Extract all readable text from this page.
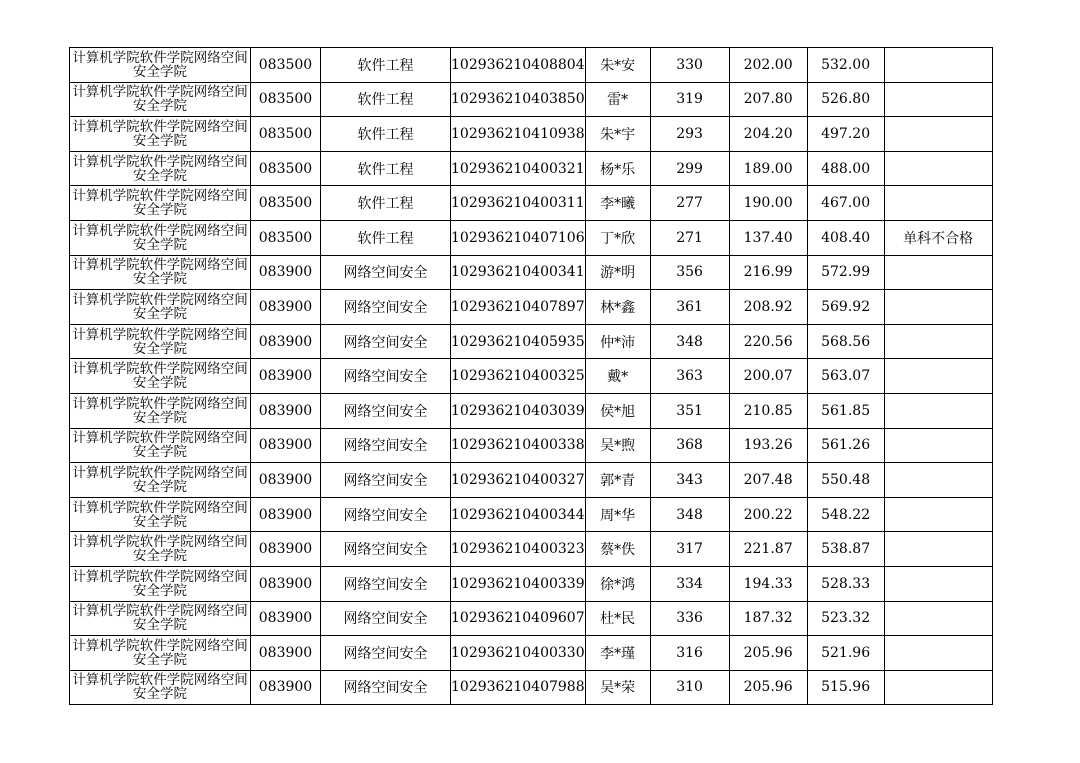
计算机学院软件学院网络空间安全学院	083500	软件工程	102936210408804	朱*安	330	202.00	532.00	

计算机学院软件学院网络空间安全学院	083500	软件工程	102936210403850	雷*	319	207.80	526.80	

计算机学院软件学院网络空间安全学院	083500	软件工程	102936210410938	朱*宇	293	204.20	497.20	

计算机学院软件学院网络空间安全学院	083500	软件工程	102936210400321	杨*乐	299	189.00	488.00	

计算机学院软件学院网络空间安全学院	083500	软件工程	102936210400311	李*曦	277	190.00	467.00	

计算机学院软件学院网络空间安全学院	083500	软件工程	102936210407106	丁*欣	271	137.40	408.40	单科不合格

计算机学院软件学院网络空间安全学院	083900	网络空间安全	102936210400341	游*明	356	216.99	572.99	

计算机学院软件学院网络空间安全学院	083900	网络空间安全	102936210407897	林*鑫	361	208.92	569.92	

计算机学院软件学院网络空间安全学院	083900	网络空间安全	102936210405935	仲*沛	348	220.56	568.56	

计算机学院软件学院网络空间安全学院	083900	网络空间安全	102936210400325	戴*	363	200.07	563.07	

计算机学院软件学院网络空间安全学院	083900	网络空间安全	102936210403039	侯*旭	351	210.85	561.85	

计算机学院软件学院网络空间安全学院	083900	网络空间安全	102936210400338	吴*煦	368	193.26	561.26	

计算机学院软件学院网络空间安全学院	083900	网络空间安全	102936210400327	郭*青	343	207.48	550.48	

计算机学院软件学院网络空间安全学院	083900	网络空间安全	102936210400344	周*华	348	200.22	548.22	

计算机学院软件学院网络空间安全学院	083900	网络空间安全	102936210400323	蔡*佚	317	221.87	538.87	

计算机学院软件学院网络空间安全学院	083900	网络空间安全	102936210400339	徐*鸿	334	194.33	528.33	

计算机学院软件学院网络空间安全学院	083900	网络空间安全	102936210409607	杜*民	336	187.32	523.32	

计算机学院软件学院网络空间安全学院	083900	网络空间安全	102936210400330	李*瑾	316	205.96	521.96	

计算机学院软件学院网络空间安全学院	083900	网络空间安全	102936210407988	吴*荣	310	205.96	515.96	
